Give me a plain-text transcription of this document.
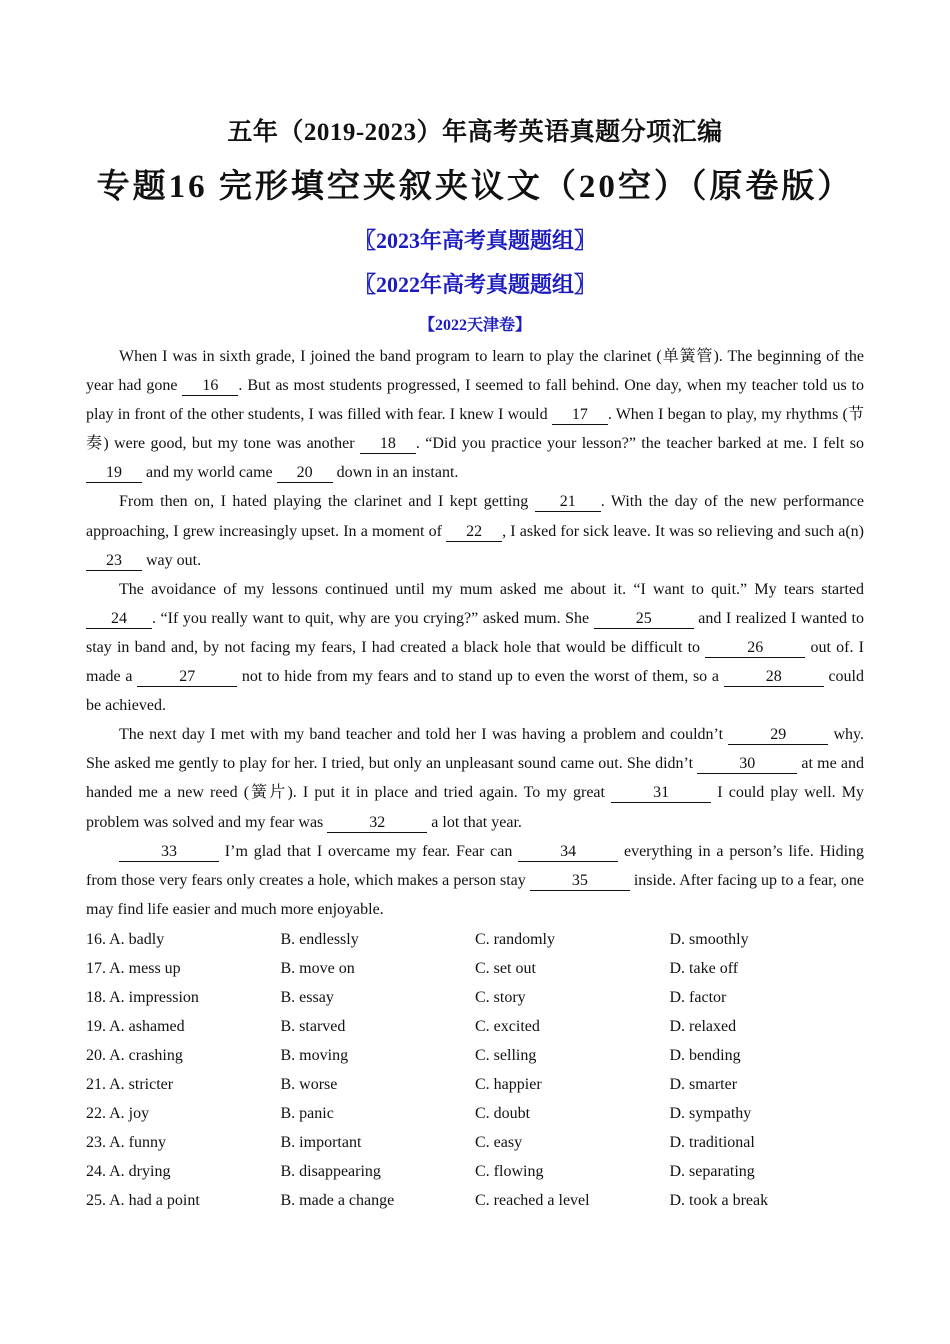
五年（2019-2023）年高考英语真题分项汇编
专题16 完形填空夹叙夹议文（20空）（原卷版）
〖2023年高考真题题组〗
〖2022年高考真题题组〗
【2022天津卷】

When I was in sixth grade, I joined the band program to learn to play the clarinet (单簧管). The beginning of the year had gone 16 . But as most students progressed, I seemed to fall behind. One day, when my teacher told us to play in front of the other students, I was filled with fear. I knew I would 17 . When I began to play, my rhythms (节奏) were good, but my tone was another 18 . “Did you practice your lesson?” the teacher barked at me. I felt so 19 and my world came 20 down in an instant.

From then on, I hated playing the clarinet and I kept getting 21 . With the day of the new performance approaching, I grew increasingly upset. In a moment of 22 , I asked for sick leave. It was so relieving and such a(n) 23 way out.

The avoidance of my lessons continued until my mum asked me about it. “I want to quit.” My tears started 24 . “If you really want to quit, why are you crying?” asked mum. She	25	and I realized I wanted to stay in band and, by not facing my fears, I had created a black hole that would be difficult to	26	out of. I made a	27	not to hide from my fears and to stand up to even the worst of them, so a	28	could be achieved.

The next day I met with my band teacher and told her I was having a problem and couldn’t	29	why. She asked me gently to play for her. I tried, but only an unpleasant sound came out. She didn’t	30	at me and handed me a new reed (簧片). I put it in place and tried again. To my great	31	I could play well. My problem was solved and my fear was	32	a lot that year.

33	I’m glad that I overcame my fear. Fear can	34	everything in a person’s life. Hiding from those very fears only creates a hole, which makes a person stay	35	inside. After facing up to a fear, one may find life easier and much more enjoyable.

16. A. badly	B. endlessly	C. randomly	D. smoothly
17. A. mess up	B. move on	C. set out	D. take off
18. A. impression	B. essay	C. story	D. factor
19. A. ashamed	B. starved	C. excited	D. relaxed
20. A. crashing	B. moving	C. selling	D. bending
21. A. stricter	B. worse	C. happier	D. smarter
22. A. joy	B. panic	C. doubt	D. sympathy
23. A. funny	B. important	C. easy	D. traditional
24. A. drying	B. disappearing	C. flowing	D. separating
25. A. had a point	B. made a change	C. reached a level	D. took a break
